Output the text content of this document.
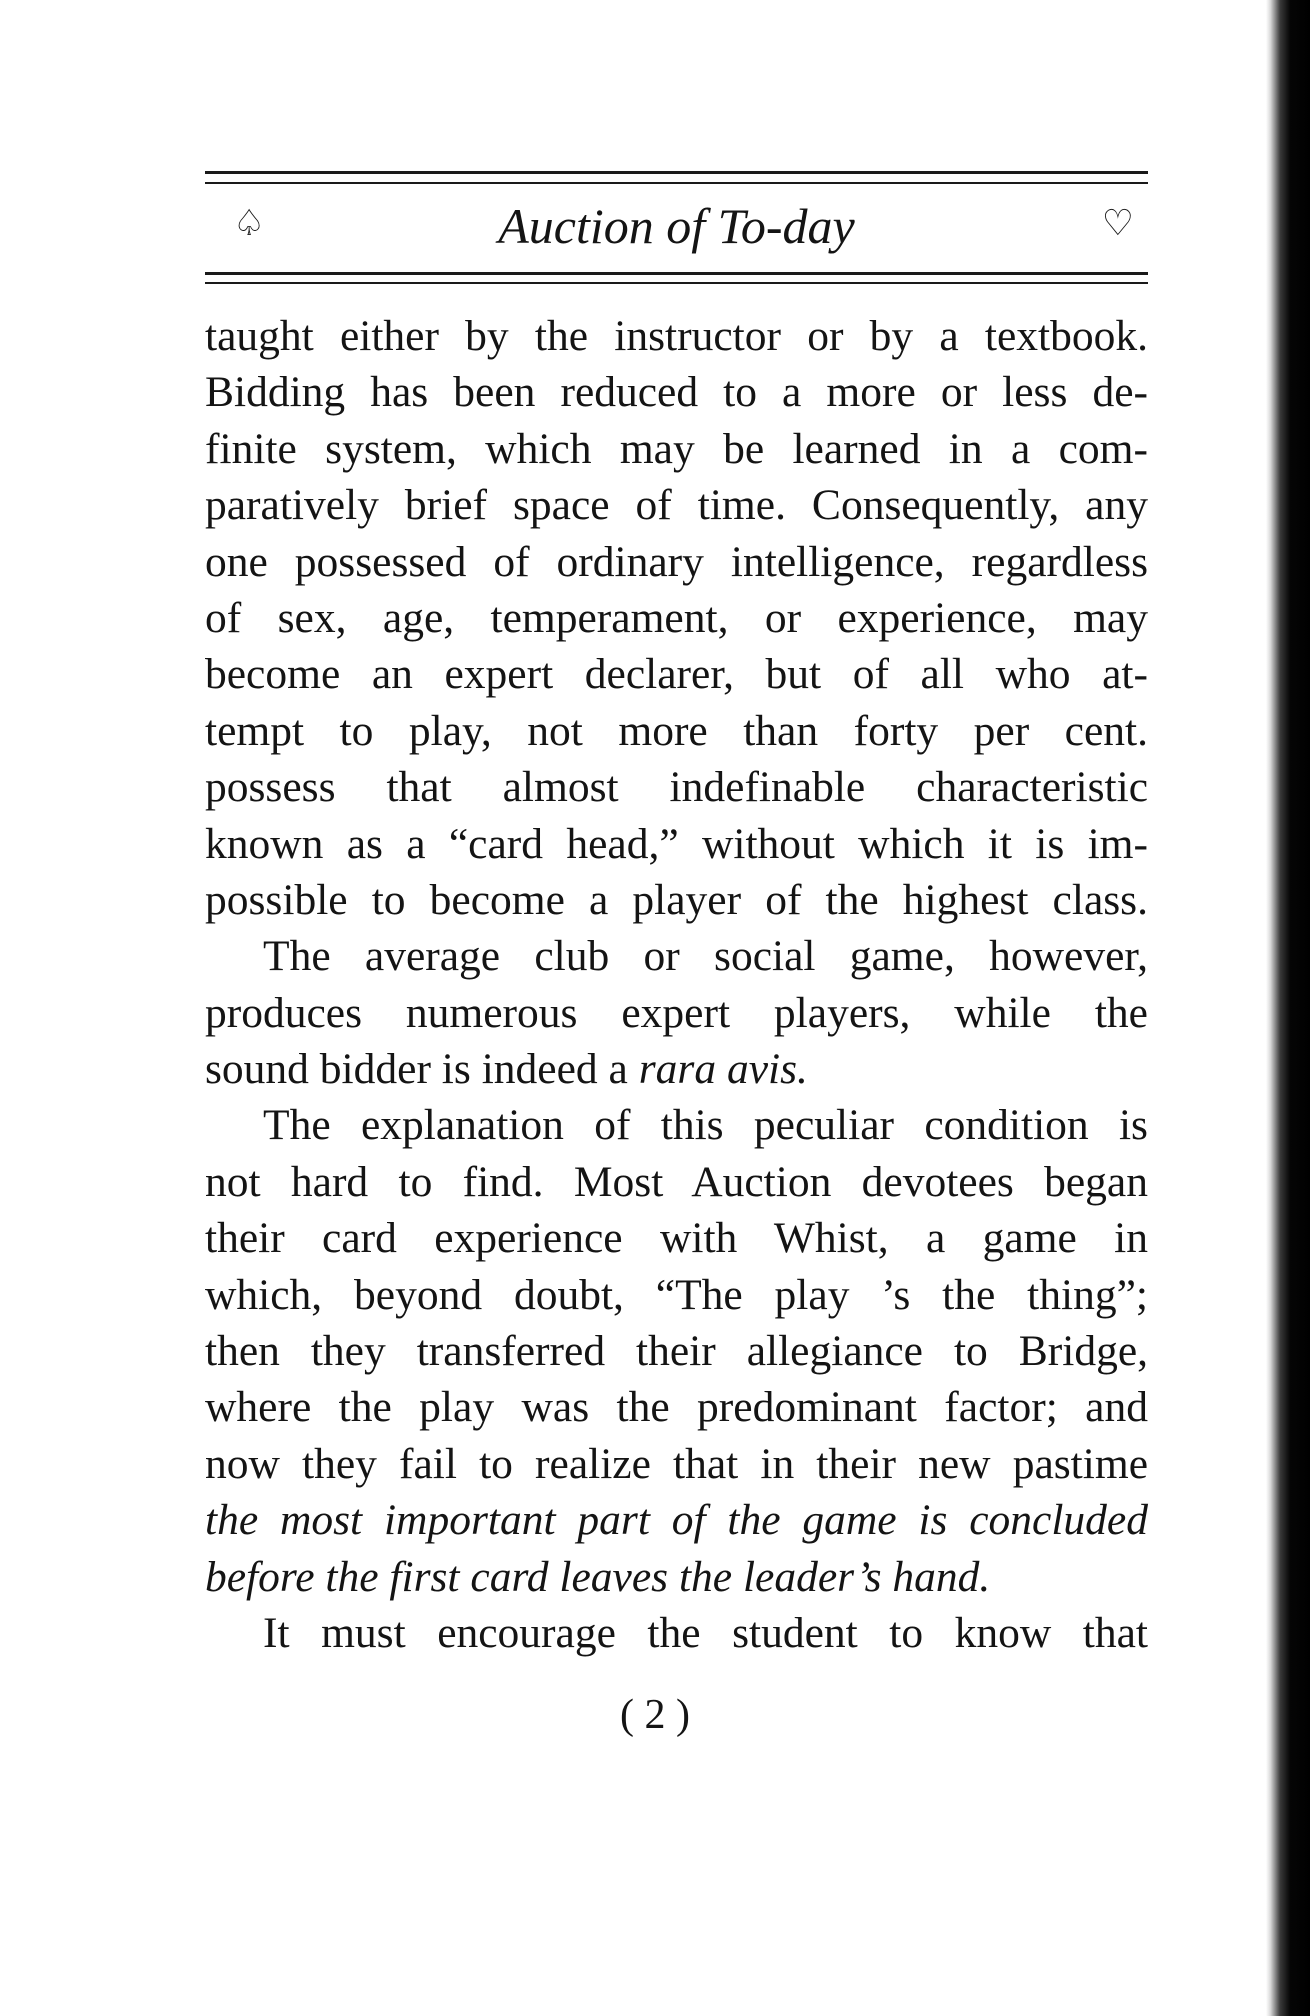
♤	Auction of To-day	♡
taught either by the instructor or by a textbook.
Bidding has been reduced to a more or less de-
finite system, which may be learned in a com-
paratively brief space of time. Consequently, any
one possessed of ordinary intelligence, regardless
of sex, age, temperament, or experience, may
become an expert declarer, but of all who at-
tempt to play, not more than forty per cent.
possess that almost indefinable characteristic
known as a “card head,” without which it is im-
possible to become a player of the highest class.
The average club or social game, however,
produces numerous expert players, while the
sound bidder is indeed a rara avis.
The explanation of this peculiar condition is
not hard to find. Most Auction devotees began
their card experience with Whist, a game in
which, beyond doubt, “The play ’s the thing”;
then they transferred their allegiance to Bridge,
where the play was the predominant factor; and
now they fail to realize that in their new pastime
the most important part of the game is concluded
before the first card leaves the leader’s hand.
It must encourage the student to know that
( 2 )
